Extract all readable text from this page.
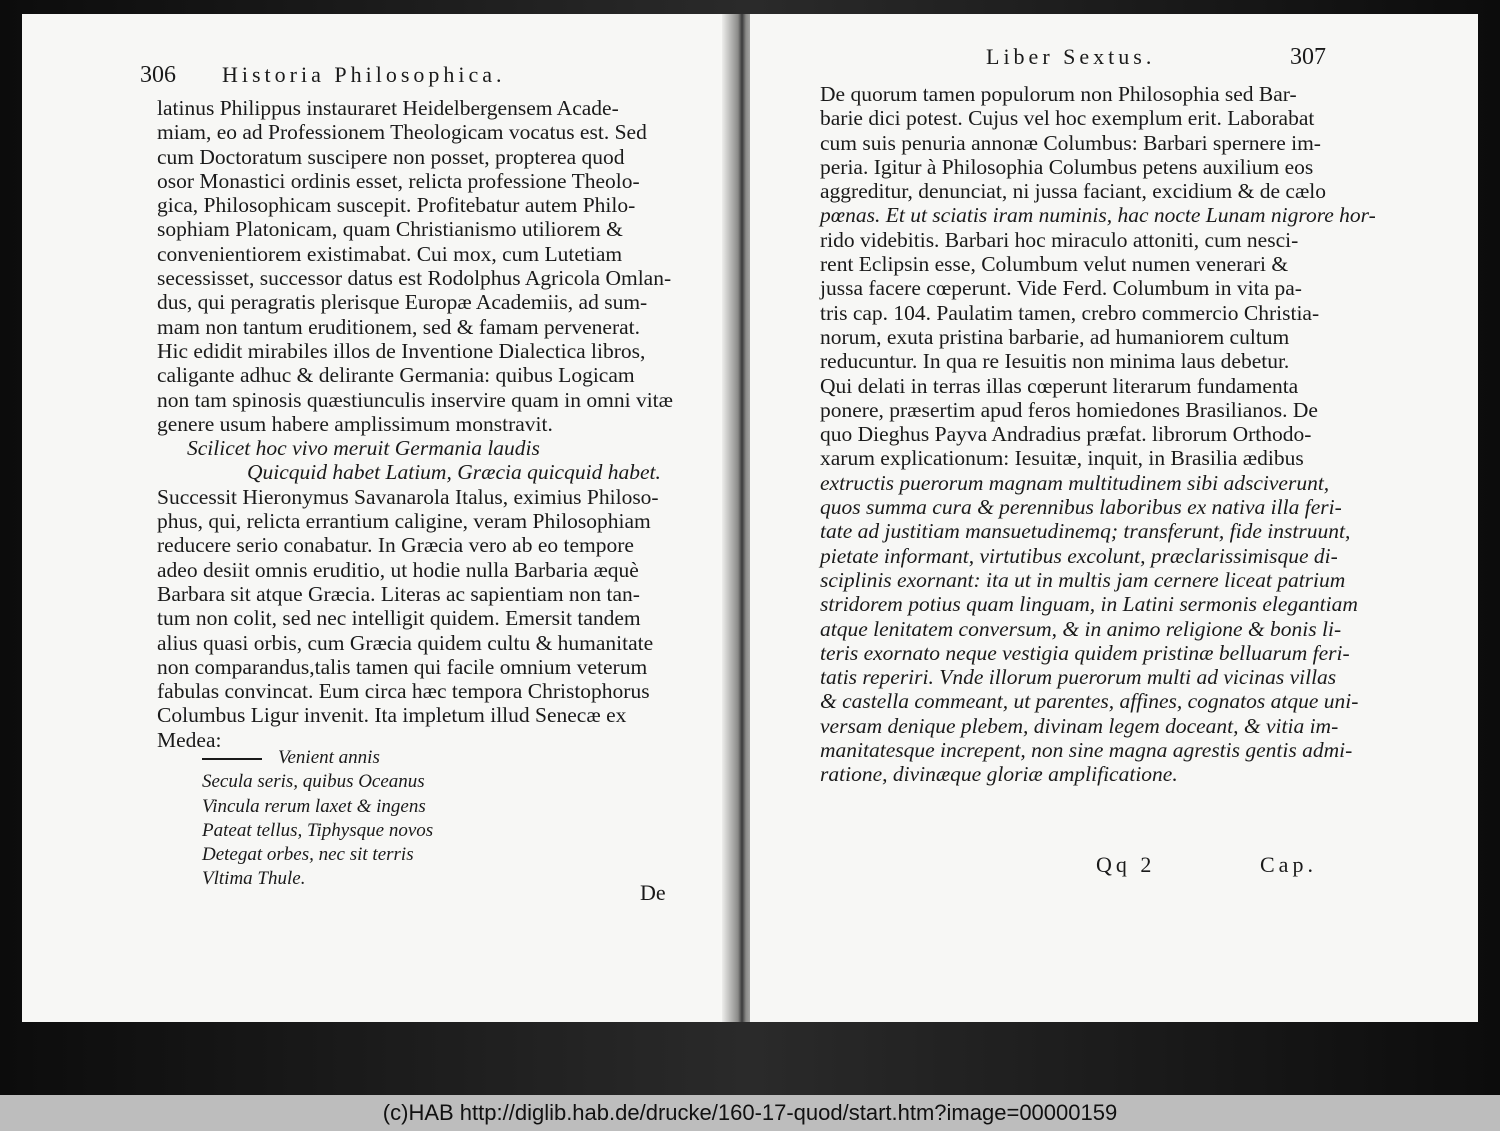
306 Historia Philosophica.
latinus Philippus instauraret Heidelbergensem Acade-
miam, eo ad Professionem Theologicam vocatus est. Sed
cum Doctoratum suscipere non posset, propterea quod
osor Monastici ordinis esset, relicta professione Theolo-
gica, Philosophicam suscepit. Profitebatur autem Philo-
sophiam Platonicam, quam Christianismo utiliorem &
convenientiorem existimabat. Cui mox, cum Lutetiam
secessisset, successor datus est Rodolphus Agricola Omlan-
dus, qui peragratis plerisque Europæ Academiis, ad sum-
mam non tantum eruditionem, sed & famam pervenerat.
Hic edidit mirabiles illos de Inventione Dialectica libros,
caligante adhuc & delirante Germania: quibus Logicam
non tam spinosis quæstiunculis inservire quam in omni vitæ
genere usum habere amplissimum monstravit.
Scilicet hoc vivo meruit Germania laudis
Quicquid habet Latium, Græcia quicquid habet.
Successit Hieronymus Savanarola Italus, eximius Philoso-
phus, qui, relicta errantium caligine, veram Philosophiam
reducere serio conabatur. In Græcia vero ab eo tempore
adeo desiit omnis eruditio, ut hodie nulla Barbaria æquè
Barbara sit atque Græcia. Literas ac sapientiam non tan-
tum non colit, sed nec intelligit quidem. Emersit tandem
alius quasi orbis, cum Græcia quidem cultu & humanitate
non comparandus,talis tamen qui facile omnium veterum
fabulas convincat. Eum circa hæc tempora Christophorus
Columbus Ligur invenit. Ita impletum illud Senecæ ex
Medea:
Venient annis
Secula seris, quibus Oceanus
Vincula rerum laxet & ingens
Pateat tellus, Tiphysque novos
Detegat orbes, nec sit terris
Vltima Thule.
De
Liber Sextus.	307
De quorum tamen populorum non Philosophia sed Bar-
barie dici potest. Cujus vel hoc exemplum erit. Laborabat
cum suis penuria annonæ Columbus: Barbari spernere im-
peria. Igitur à Philosophia Columbus petens auxilium eos
aggreditur, denunciat, ni jussa faciant, excidium & de cælo
pœnas. Et ut sciatis iram numinis, hac nocte Lunam nigrore hor-
rido videbitis. Barbari hoc miraculo attoniti, cum nesci-
rent Eclipsin esse, Columbum velut numen venerari &
jussa facere cœperunt. Vide Ferd. Columbum in vita pa-
tris cap. 104. Paulatim tamen, crebro commercio Christia-
norum, exuta pristina barbarie, ad humaniorem cultum
reducuntur. In qua re Iesuitis non minima laus debetur.
Qui delati in terras illas cœperunt literarum fundamenta
ponere, præsertim apud feros homiedones Brasilianos. De
quo Dieghus Payva Andradius præfat. librorum Orthodo-
xarum explicationum: Iesuitæ, inquit, in Brasilia ædibus
extructis puerorum magnam multitudinem sibi adsciverunt,
quos summa cura & perennibus laboribus ex nativa illa feri-
tate ad justitiam mansuetudinemq; transferunt, fide instruunt,
pietate informant, virtutibus excolunt, præclarissimisque di-
sciplinis exornant: ita ut in multis jam cernere liceat patrium
stridorem potius quam linguam, in Latini sermonis elegantiam
atque lenitatem conversum, & in animo religione & bonis li-
teris exornato neque vestigia quidem pristinæ belluarum feri-
tatis reperiri. Vnde illorum puerorum multi ad vicinas villas
& castella commeant, ut parentes, affines, cognatos atque uni-
versam denique plebem, divinam legem doceant, & vitia im-
manitatesque increpent, non sine magna agrestis gentis admi-
ratione, divinæque gloriæ amplificatione.
Qq 2	Cap.
(c)HAB http://diglib.hab.de/drucke/160-17-quod/start.htm?image=00000159
